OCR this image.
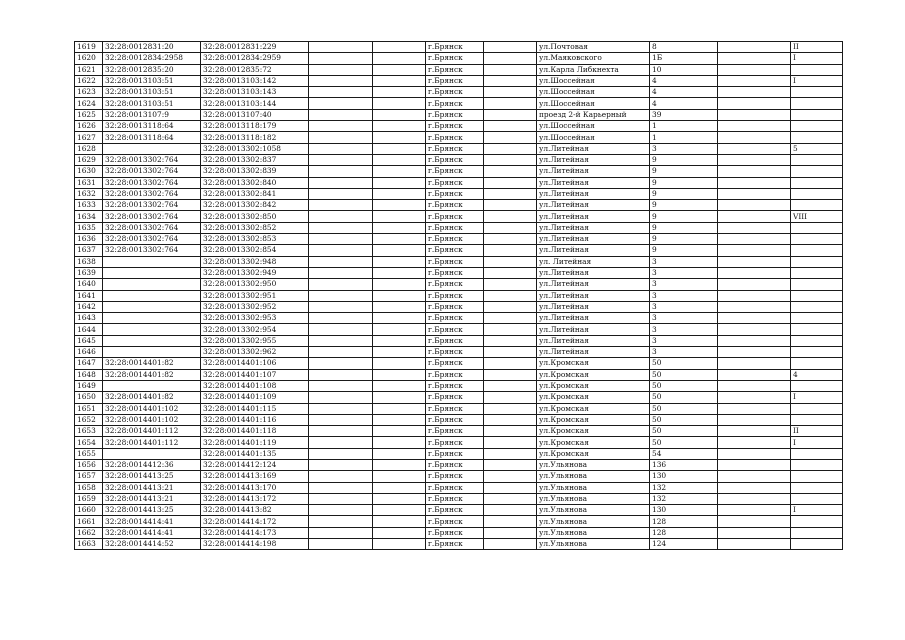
1619	32:28:0012831:20	32:28:0012831:229			г.Брянск		ул.Почтовая	8		II
1620	32:28:0012834:2958	32:28:0012834:2959			г.Брянск		ул.Маяковского	1Б		I
1621	32:28:0012835:20	32:28:0012835:72			г.Брянск		ул.Карла Либкнехта	10		
1622	32:28:0013103:51	32:28:0013103:142			г.Брянск		ул.Шоссейная	4		I
1623	32:28:0013103:51	32:28:0013103:143			г.Брянск		ул.Шоссейная	4		
1624	32:28:0013103:51	32:28:0013103:144			г.Брянск		ул.Шоссейная	4		
1625	32:28:0013107:9	32:28:0013107:40			г.Брянск		проезд 2-й Карьерный	39		
1626	32:28:0013118:64	32:28:0013118:179			г.Брянск		ул.Шоссейная	1		
1627	32:28:0013118:64	32:28:0013118:182			г.Брянск		ул.Шоссейная	1		
1628		32:28:0013302:1058			г.Брянск		ул.Литейная	3		5
1629	32:28:0013302:764	32:28:0013302:837			г.Брянск		ул.Литейная	9		
1630	32:28:0013302:764	32:28:0013302:839			г.Брянск		ул.Литейная	9		
1631	32:28:0013302:764	32:28:0013302:840			г.Брянск		ул.Литейная	9		
1632	32:28:0013302:764	32:28:0013302:841			г.Брянск		ул.Литейная	9		
1633	32:28:0013302:764	32:28:0013302:842			г.Брянск		ул.Литейная	9		
1634	32:28:0013302:764	32:28:0013302:850			г.Брянск		ул.Литейная	9		VIII
1635	32:28:0013302:764	32:28:0013302:852			г.Брянск		ул.Литейная	9		
1636	32:28:0013302:764	32:28:0013302:853			г.Брянск		ул.Литейная	9		
1637	32:28:0013302:764	32:28:0013302:854			г.Брянск		ул.Литейная	9		
1638		32:28:0013302:948			г.Брянск		ул. Литейная	3		
1639		32:28:0013302:949			г.Брянск		ул.Литейная	3		
1640		32:28:0013302:950			г.Брянск		ул.Литейная	3		
1641		32:28:0013302:951			г.Брянск		ул.Литейная	3		
1642		32:28:0013302:952			г.Брянск		ул.Литейная	3		
1643		32:28:0013302:953			г.Брянск		ул.Литейная	3		
1644		32:28:0013302:954			г.Брянск		ул.Литейная	3		
1645		32:28:0013302:955			г.Брянск		ул.Литейная	3		
1646		32:28:0013302:962			г.Брянск		ул.Литейная	3		
1647	32:28:0014401:82	32:28:0014401:106			г.Брянск		ул.Кромская	50		
1648	32:28:0014401:82	32:28:0014401:107			г.Брянск		ул.Кромская	50		4
1649		32:28:0014401:108			г.Брянск		ул.Кромская	50		
1650	32:28:0014401:82	32:28:0014401:109			г.Брянск		ул.Кромская	50		I
1651	32:28:0014401:102	32:28:0014401:115			г.Брянск		ул.Кромская	50		
1652	32:28:0014401:102	32:28:0014401:116			г.Брянск		ул.Кромская	50		
1653	32:28:0014401:112	32:28:0014401:118			г.Брянск		ул.Кромская	50		II
1654	32:28:0014401:112	32:28:0014401:119			г.Брянск		ул.Кромская	50		I
1655		32:28:0014401:135			г.Брянск		ул.Кромская	54		
1656	32:28:0014412:36	32:28:0014412:124			г.Брянск		ул.Ульянова	136		
1657	32:28:0014413:25	32:28:0014413:169			г.Брянск		ул.Ульянова	130		
1658	32:28:0014413:21	32:28:0014413:170			г.Брянск		ул.Ульянова	132		
1659	32:28:0014413:21	32:28:0014413:172			г.Брянск		ул.Ульянова	132		
1660	32:28:0014413:25	32:28:0014413:82			г.Брянск		ул.Ульянова	130		I
1661	32:28:0014414:41	32:28:0014414:172			г.Брянск		ул.Ульянова	128		
1662	32:28:0014414:41	32:28:0014414:173			г.Брянск		ул.Ульянова	128		
1663	32:28:0014414:52	32:28:0014414:198			г.Брянск		ул.Ульянова	124		
